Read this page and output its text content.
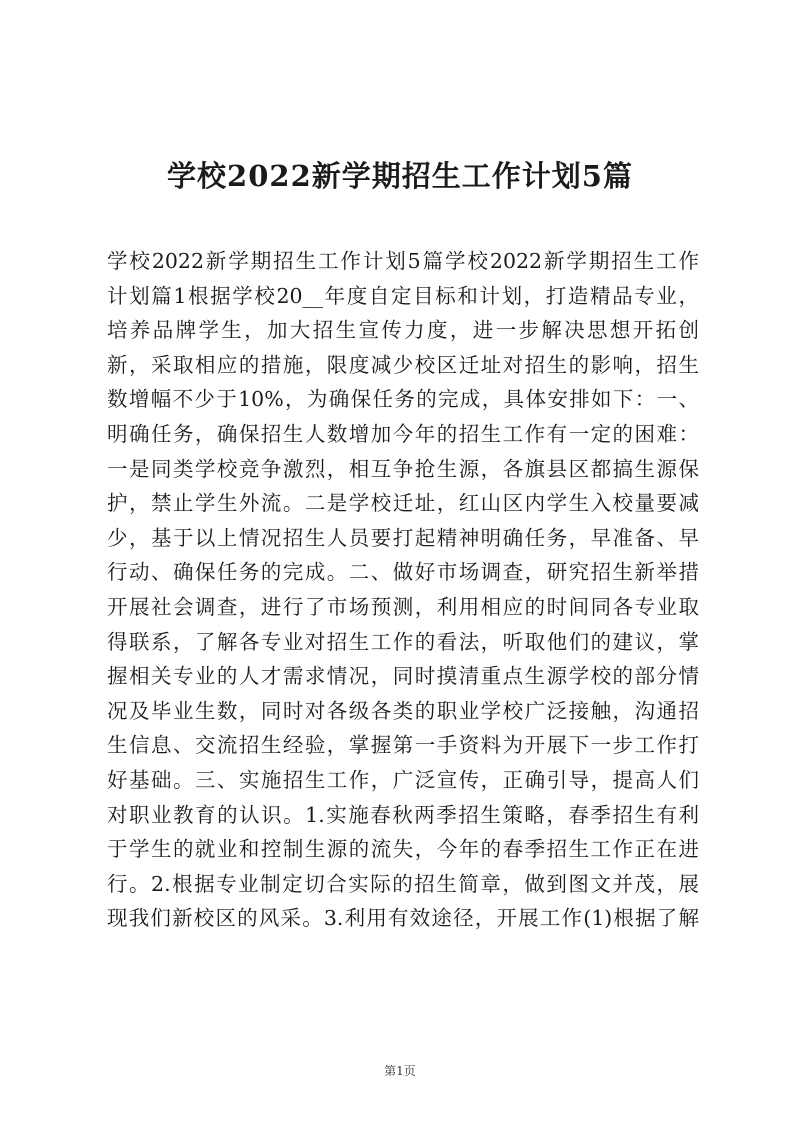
学校2022新学期招生工作计划5篇
学校2022新学期招生工作计划5篇学校2022新学期招生工作
计划篇1根据学校20__年度自定目标和计划，打造精品专业，
培养品牌学生，加大招生宣传力度，进一步解决思想开拓创
新，采取相应的措施，限度减少校区迁址对招生的影响，招生
数增幅不少于10%，为确保任务的完成，具体安排如下：一、
明确任务，确保招生人数增加今年的招生工作有一定的困难：
一是同类学校竞争激烈，相互争抢生源，各旗县区都搞生源保
护，禁止学生外流。二是学校迁址，红山区内学生入校量要减
少，基于以上情况招生人员要打起精神明确任务，早准备、早
行动、确保任务的完成。二、做好市场调查，研究招生新举措
开展社会调查，进行了市场预测，利用相应的时间同各专业取
得联系，了解各专业对招生工作的看法，听取他们的建议，掌
握相关专业的人才需求情况，同时摸清重点生源学校的部分情
况及毕业生数，同时对各级各类的职业学校广泛接触，沟通招
生信息、交流招生经验，掌握第一手资料为开展下一步工作打
好基础。三、实施招生工作，广泛宣传，正确引导，提高人们
对职业教育的认识。1.实施春秋两季招生策略，春季招生有利
于学生的就业和控制生源的流失，今年的春季招生工作正在进
行。2.根据专业制定切合实际的招生简章，做到图文并茂，展
现我们新校区的风采。3.利用有效途径，开展工作(1)根据了解
第1页
